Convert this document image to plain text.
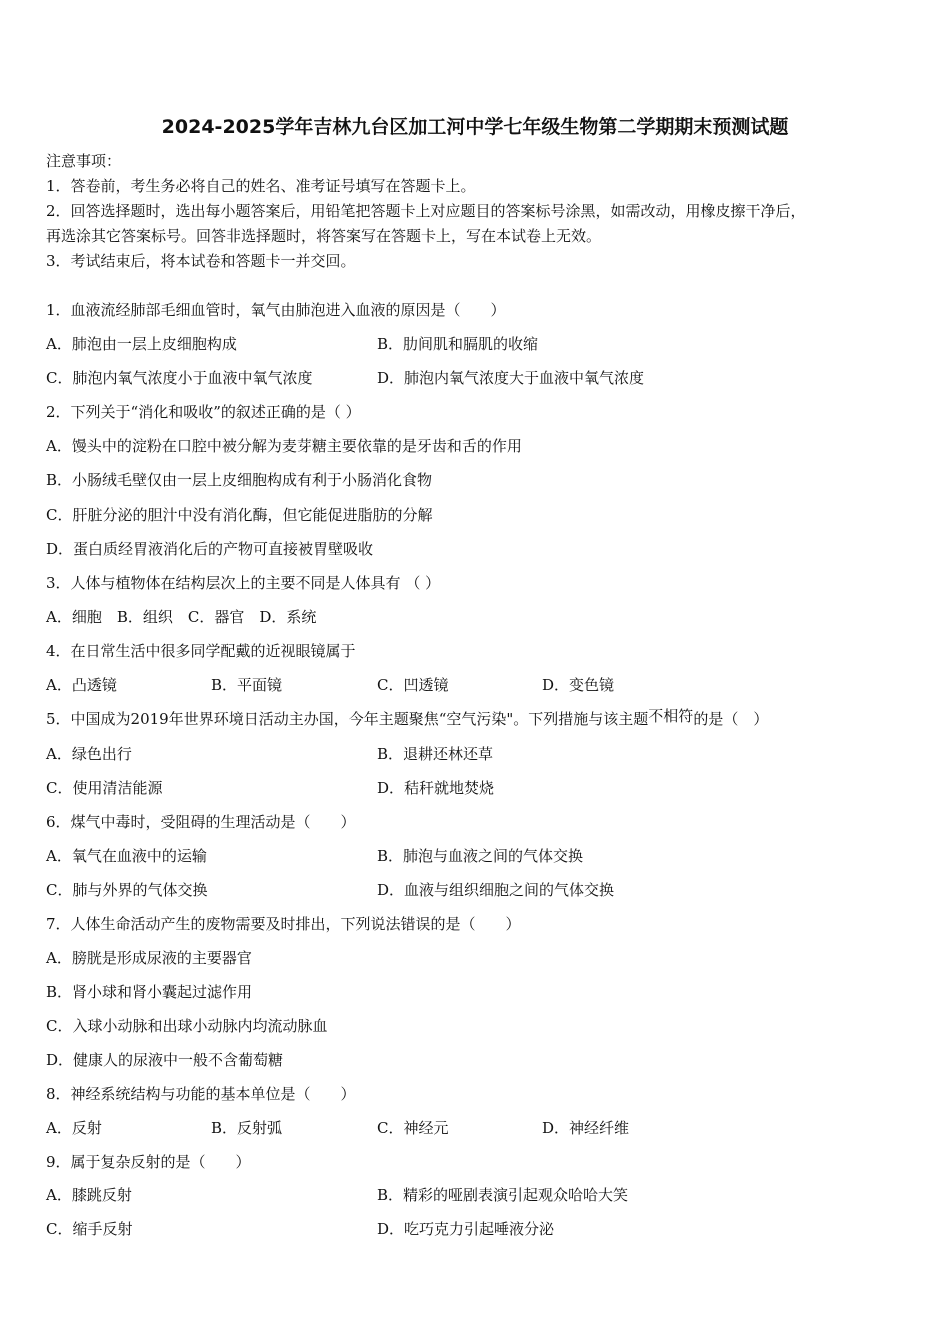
2024-2025学年吉林九台区加工河中学七年级生物第二学期期末预测试题
注意事项：
1．答卷前，考生务必将自己的姓名、准考证号填写在答题卡上。
2．回答选择题时，选出每小题答案后，用铅笔把答题卡上对应题目的答案标号涂黑，如需改动，用橡皮擦干净后，
再选涂其它答案标号。回答非选择题时，将答案写在答题卡上，写在本试卷上无效。
3．考试结束后，将本试卷和答题卡一并交回。
1．血液流经肺部毛细血管时，氧气由肺泡进入血液的原因是（　　）
A．肺泡由一层上皮细胞构成	B．肋间肌和膈肌的收缩
C．肺泡内氧气浓度小于血液中氧气浓度	D．肺泡内氧气浓度大于血液中氧气浓度
2．下列关于“消化和吸收”的叙述正确的是（ ）
A．馒头中的淀粉在口腔中被分解为麦芽糖主要依靠的是牙齿和舌的作用
B．小肠绒毛壁仅由一层上皮细胞构成有利于小肠消化食物
C．肝脏分泌的胆汁中没有消化酶，但它能促进脂肪的分解
D．蛋白质经胃液消化后的产物可直接被胃壁吸收
3．人体与植物体在结构层次上的主要不同是人体具有 （ ）
A．细胞　B．组织　C．器官　D．系统
4．在日常生活中很多同学配戴的近视眼镜属于
A．凸透镜	B．平面镜	C．凹透镜	D．变色镜
5．中国成为2019年世界环境日活动主办国，今年主题聚焦“空气污染"。下列措施与该主题不相符的是（　）
A．绿色出行	B．退耕还林还草
C．使用清洁能源	D．秸秆就地焚烧
6．煤气中毒时，受阻碍的生理活动是（　　）
A．氧气在血液中的运输	B．肺泡与血液之间的气体交换
C．肺与外界的气体交换	D．血液与组织细胞之间的气体交换
7．人体生命活动产生的废物需要及时排出，下列说法错误的是（　　）
A．膀胱是形成尿液的主要器官
B．肾小球和肾小囊起过滤作用
C．入球小动脉和出球小动脉内均流动脉血
D．健康人的尿液中一般不含葡萄糖
8．神经系统结构与功能的基本单位是（　　）
A．反射	B．反射弧	C．神经元	D．神经纤维
9．属于复杂反射的是（　　）
A．膝跳反射	B．精彩的哑剧表演引起观众哈哈大笑
C．缩手反射	D．吃巧克力引起唾液分泌
